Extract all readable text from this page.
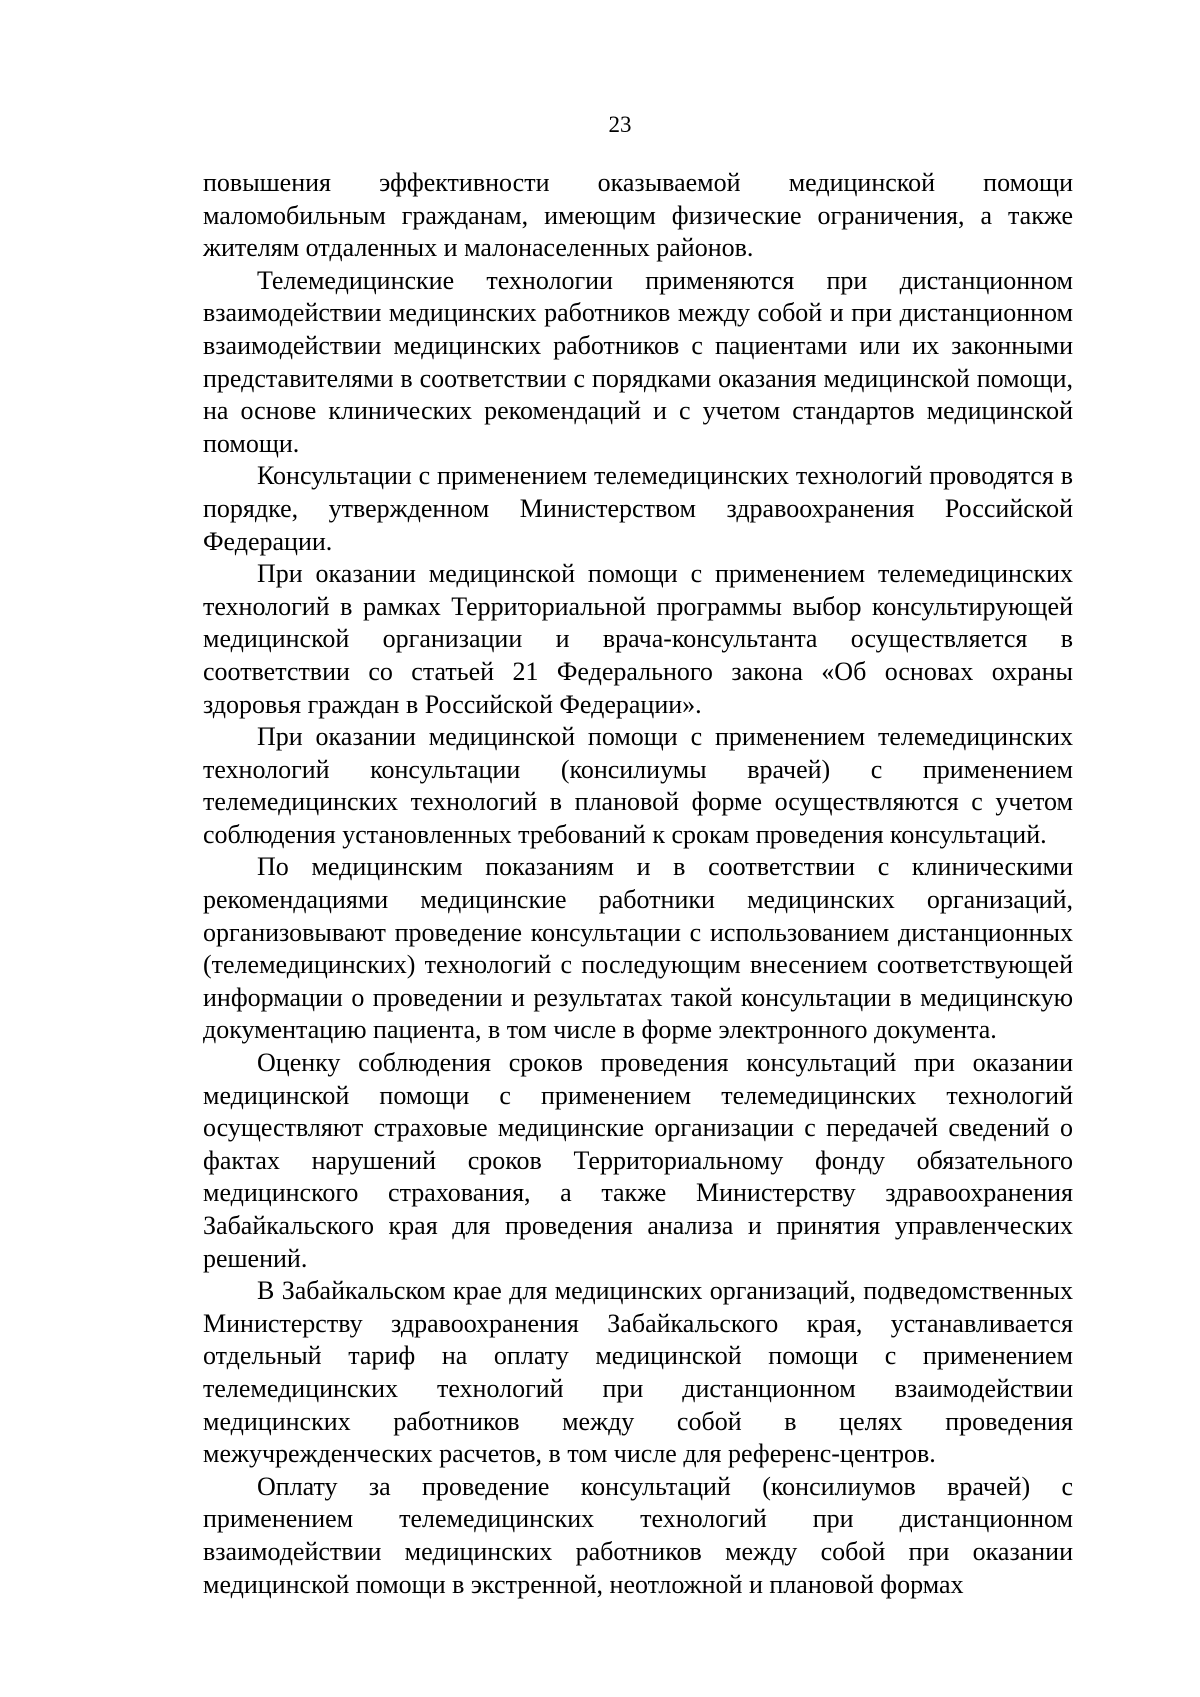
23

повышения эффективности оказываемой медицинской помощи маломобильным гражданам, имеющим физические ограничения, а также жителям отдаленных и малонаселенных районов.

Телемедицинские технологии применяются при дистанционном взаимодействии медицинских работников между собой и при дистанционном взаимодействии медицинских работников с пациентами или их законными представителями в соответствии с порядками оказания медицинской помощи, на основе клинических рекомендаций и с учетом стандартов медицинской помощи.

Консультации с применением телемедицинских технологий проводятся в порядке, утвержденном Министерством здравоохранения Российской Федерации.

При оказании медицинской помощи с применением телемедицинских технологий в рамках Территориальной программы выбор консультирующей медицинской организации и врача-консультанта осуществляется в соответствии со статьей 21 Федерального закона «Об основах охраны здоровья граждан в Российской Федерации».

При оказании медицинской помощи с применением телемедицинских технологий консультации (консилиумы врачей) с применением телемедицинских технологий в плановой форме осуществляются с учетом соблюдения установленных требований к срокам проведения консультаций.

По медицинским показаниям и в соответствии с клиническими рекомендациями медицинские работники медицинских организаций, организовывают проведение консультации с использованием дистанционных (телемедицинских) технологий с последующим внесением соответствующей информации о проведении и результатах такой консультации в медицинскую документацию пациента, в том числе в форме электронного документа.

Оценку соблюдения сроков проведения консультаций при оказании медицинской помощи с применением телемедицинских технологий осуществляют страховые медицинские организации с передачей сведений о фактах нарушений сроков Территориальному фонду обязательного медицинского страхования, а также Министерству здравоохранения Забайкальского края для проведения анализа и принятия управленческих решений.

В Забайкальском крае для медицинских организаций, подведомственных Министерству здравоохранения Забайкальского края, устанавливается отдельный тариф на оплату медицинской помощи с применением телемедицинских технологий при дистанционном взаимодействии медицинских работников между собой в целях проведения межучрежденческих расчетов, в том числе для референс-центров.

Оплату за проведение консультаций (консилиумов врачей) с применением телемедицинских технологий при дистанционном взаимодействии медицинских работников между собой при оказании медицинской помощи в экстренной, неотложной и плановой формах
